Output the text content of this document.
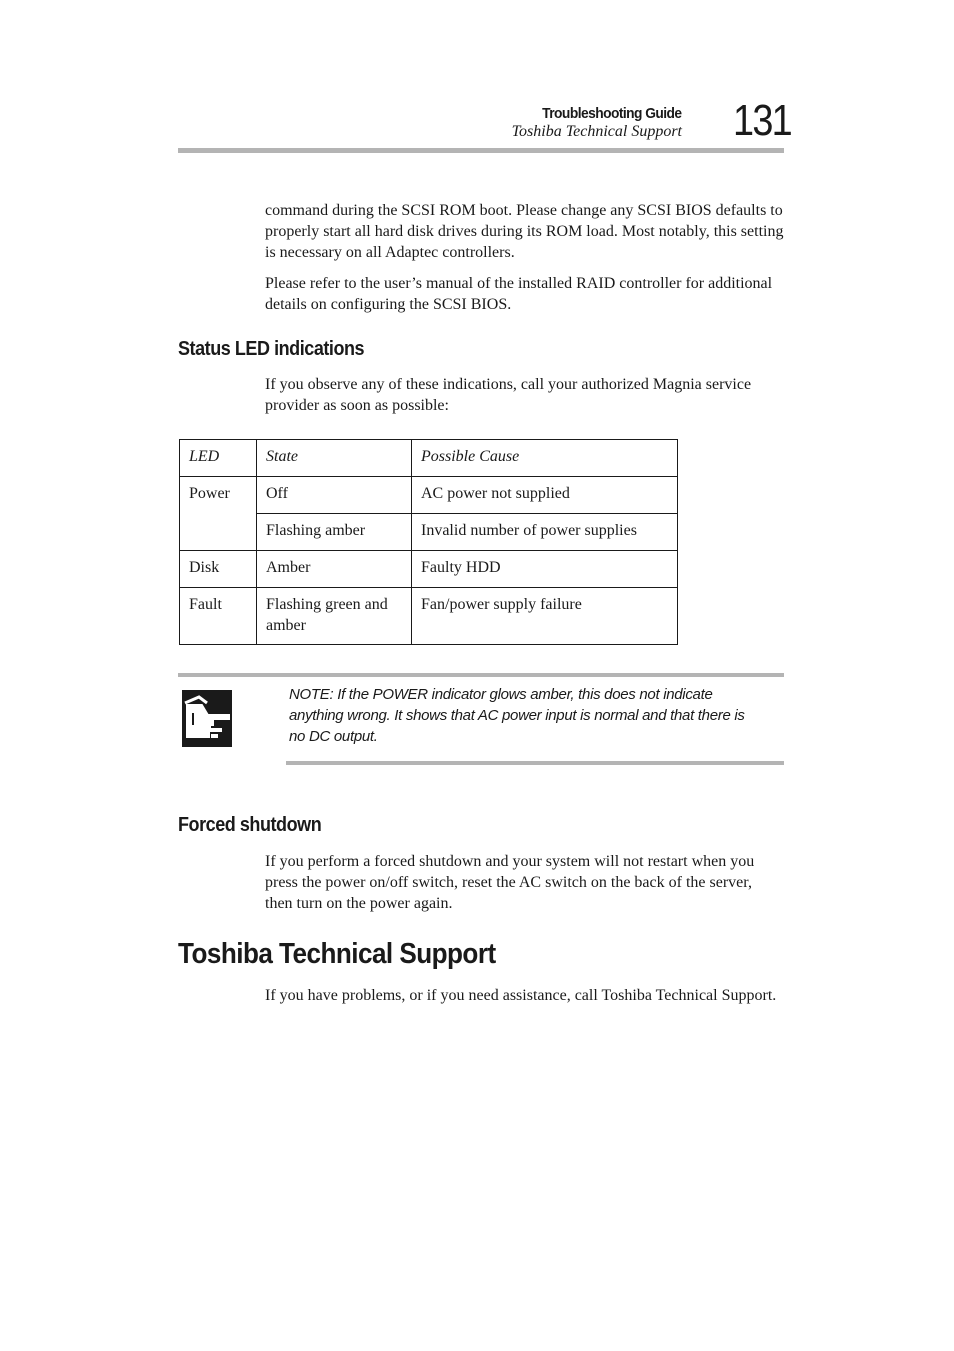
Troubleshooting Guide
Toshiba Technical Support 131

command during the SCSI ROM boot. Please change any SCSI BIOS defaults to properly start all hard disk drives during its ROM load. Most notably, this setting is necessary on all Adaptec controllers.

Please refer to the user’s manual of the installed RAID controller for additional details on configuring the SCSI BIOS.

Status LED indications

If you observe any of these indications, call your authorized Magnia service provider as soon as possible:

LED	State	Possible Cause
Power	Off	AC power not supplied
	Flashing amber	Invalid number of power supplies
Disk	Amber	Faulty HDD
Fault	Flashing green and amber	Fan/power supply failure

NOTE: If the POWER indicator glows amber, this does not indicate anything wrong. It shows that AC power input is normal and that there is no DC output.

Forced shutdown

If you perform a forced shutdown and your system will not restart when you press the power on/off switch, reset the AC switch on the back of the server, then turn on the power again.

Toshiba Technical Support

If you have problems, or if you need assistance, call Toshiba Technical Support.
